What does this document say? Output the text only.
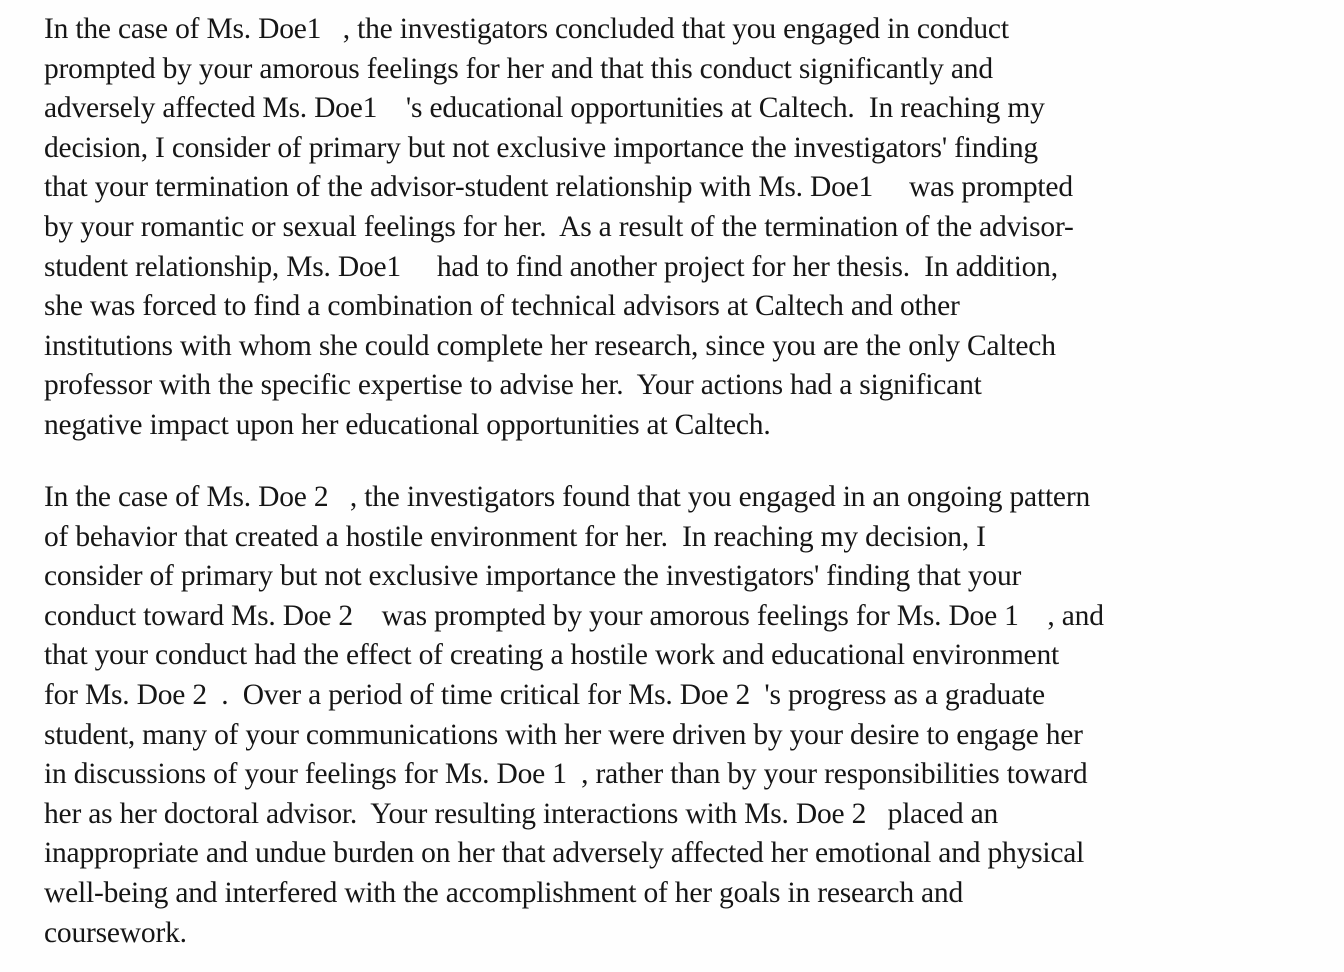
In the case of Ms. Doe1   , the investigators concluded that you engaged in conduct
prompted by your amorous feelings for her and that this conduct significantly and
adversely affected Ms. Doe1    's educational opportunities at Caltech.  In reaching my
decision, I consider of primary but not exclusive importance the investigators' finding
that your termination of the advisor-student relationship with Ms. Doe1     was prompted
by your romantic or sexual feelings for her.  As a result of the termination of the advisor-
student relationship, Ms. Doe1     had to find another project for her thesis.  In addition,
she was forced to find a combination of technical advisors at Caltech and other
institutions with whom she could complete her research, since you are the only Caltech
professor with the specific expertise to advise her.  Your actions had a significant
negative impact upon her educational opportunities at Caltech.
In the case of Ms. Doe 2   , the investigators found that you engaged in an ongoing pattern
of behavior that created a hostile environment for her.  In reaching my decision, I
consider of primary but not exclusive importance the investigators' finding that your
conduct toward Ms. Doe 2    was prompted by your amorous feelings for Ms. Doe 1    , and
that your conduct had the effect of creating a hostile work and educational environment
for Ms. Doe 2  .  Over a period of time critical for Ms. Doe 2  's progress as a graduate
student, many of your communications with her were driven by your desire to engage her
in discussions of your feelings for Ms. Doe 1  , rather than by your responsibilities toward
her as her doctoral advisor.  Your resulting interactions with Ms. Doe 2   placed an
inappropriate and undue burden on her that adversely affected her emotional and physical
well-being and interfered with the accomplishment of her goals in research and
coursework.
